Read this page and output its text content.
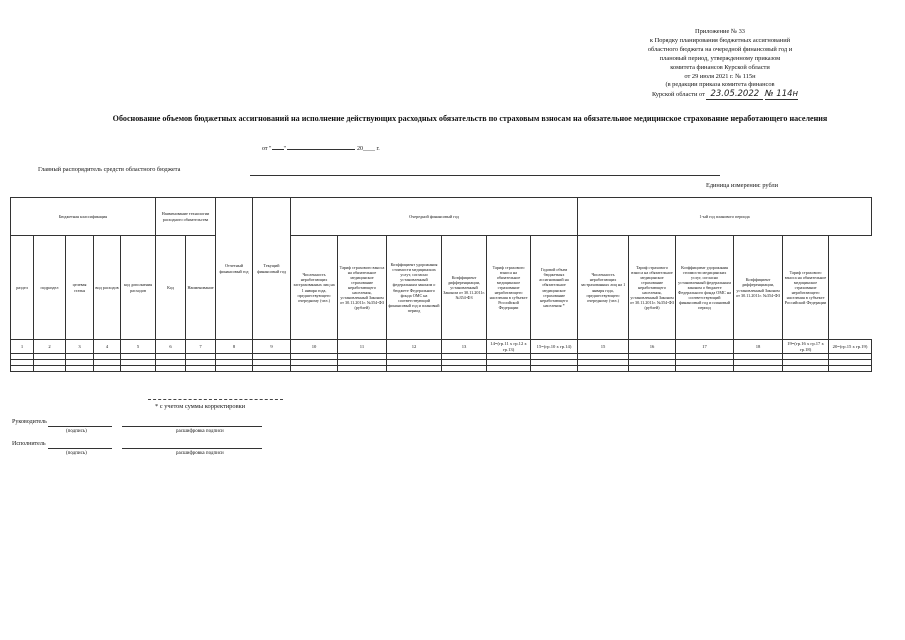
Приложение № 33
к Порядку планирования бюджетных ассигнований
областного бюджета на очередной финансовый год и
плановый период, утвержденному приказом
комитета финансов Курской области
от 29 июля 2021 г. № 115н
(в редакции приказа комитета финансов
Курской области от 23.05.2022 № 114н
Обоснование объемов бюджетных ассигнований на исполнение действующих расходных обязательств по страховым взносам на обязательное медицинское страхование неработающего населения
от " "	20____ г.
Главный распорядитель средств областного бюджета
Единица измерения: рубли
Бюджетная классификация					Наименование технологии расходного обязательства		Отчетный финансовый год	Текущий финансовый год	Очередной финансовый год						1-ый год планового периода					
раздел	подраздел	целевая статья	вид расходов	код дополнения расходов	Код	Наименование			Численность неработающих застрахованных лиц на 1 января года, предшествующего очередному (чел.)	Тариф страхового взноса на обязательное медицинское страхование неработающего населения, установленный Законом от 30.11.2011г. №354-ФЗ (рублей)	Коэффициент удорожания стоимости медицинских услут, согласно установленный федеральным законом о бюджете Федерального фонда ОМС на соответствующий финансовый год и плановый период	Коэффициент дифференциации, установленный Законом от 30.11.2011г. №354-ФЗ	Тариф страхового взноса на обязательное медицинское страхование неработающего населения в субъекте Российской Федерации	Годовой объем бюджетных ассигнований на обязательное медицинское страхование неработающего населения *	Численность неработающих застрахованных лиц на 1 января года, предшествующего очередному (чел.)	Тариф страхового взноса на обязательное медицинское страхование неработающего населения, установленный Законом от 30.11.2011г. №354-ФЗ (рублей)	Коэффициент удорожания стоимости медицинских услуг, согласно установленный федеральным законом о бюджете Федерального фонда ОМС на соответствующий финансовый год и плановый период	Коэффициент дифференциации, установленный Законом от 30.11.2011г. №354-ФЗ	Тариф страхового взноса на обязательное медицинское страхование неработающего населения в субъекте Российской Федерации	
1	2	3	4	5	6	7	8	9	10	11	12	13	14=(гр.11 х гр.12 х гр.13)	15=(гр.10 х гр.14)	15	16	17	18	19=(гр.16 х гр.17 х гр.18)	20=(гр.15 х гр.19)

* с учетом суммы корректировки
Руководитель
(подпись)	расшифровка подписи
Исполнитель
(подпись)	расшифровка подписи
